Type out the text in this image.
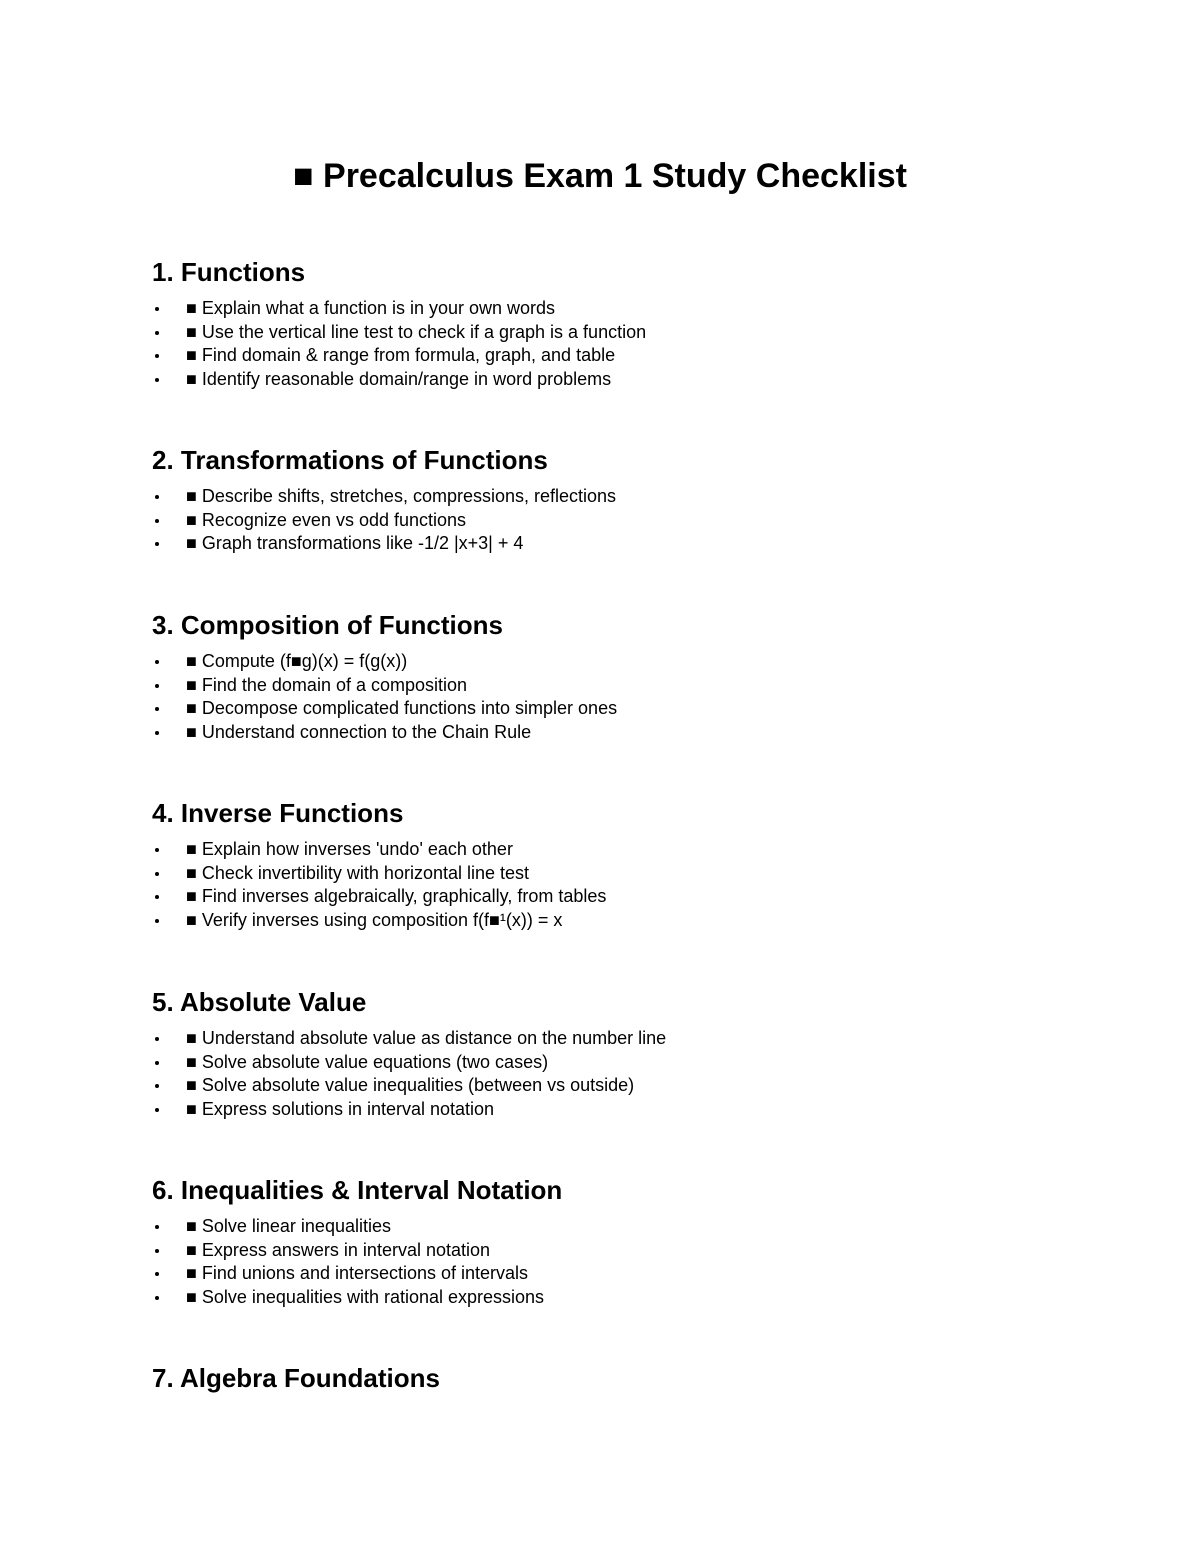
■ Precalculus Exam 1 Study Checklist
1. Functions
■ Explain what a function is in your own words
■ Use the vertical line test to check if a graph is a function
■ Find domain & range from formula, graph, and table
■ Identify reasonable domain/range in word problems
2. Transformations of Functions
■ Describe shifts, stretches, compressions, reflections
■ Recognize even vs odd functions
■ Graph transformations like -1/2 |x+3| + 4
3. Composition of Functions
■ Compute (f■g)(x) = f(g(x))
■ Find the domain of a composition
■ Decompose complicated functions into simpler ones
■ Understand connection to the Chain Rule
4. Inverse Functions
■ Explain how inverses 'undo' each other
■ Check invertibility with horizontal line test
■ Find inverses algebraically, graphically, from tables
■ Verify inverses using composition f(f■¹(x)) = x
5. Absolute Value
■ Understand absolute value as distance on the number line
■ Solve absolute value equations (two cases)
■ Solve absolute value inequalities (between vs outside)
■ Express solutions in interval notation
6. Inequalities & Interval Notation
■ Solve linear inequalities
■ Express answers in interval notation
■ Find unions and intersections of intervals
■ Solve inequalities with rational expressions
7. Algebra Foundations
